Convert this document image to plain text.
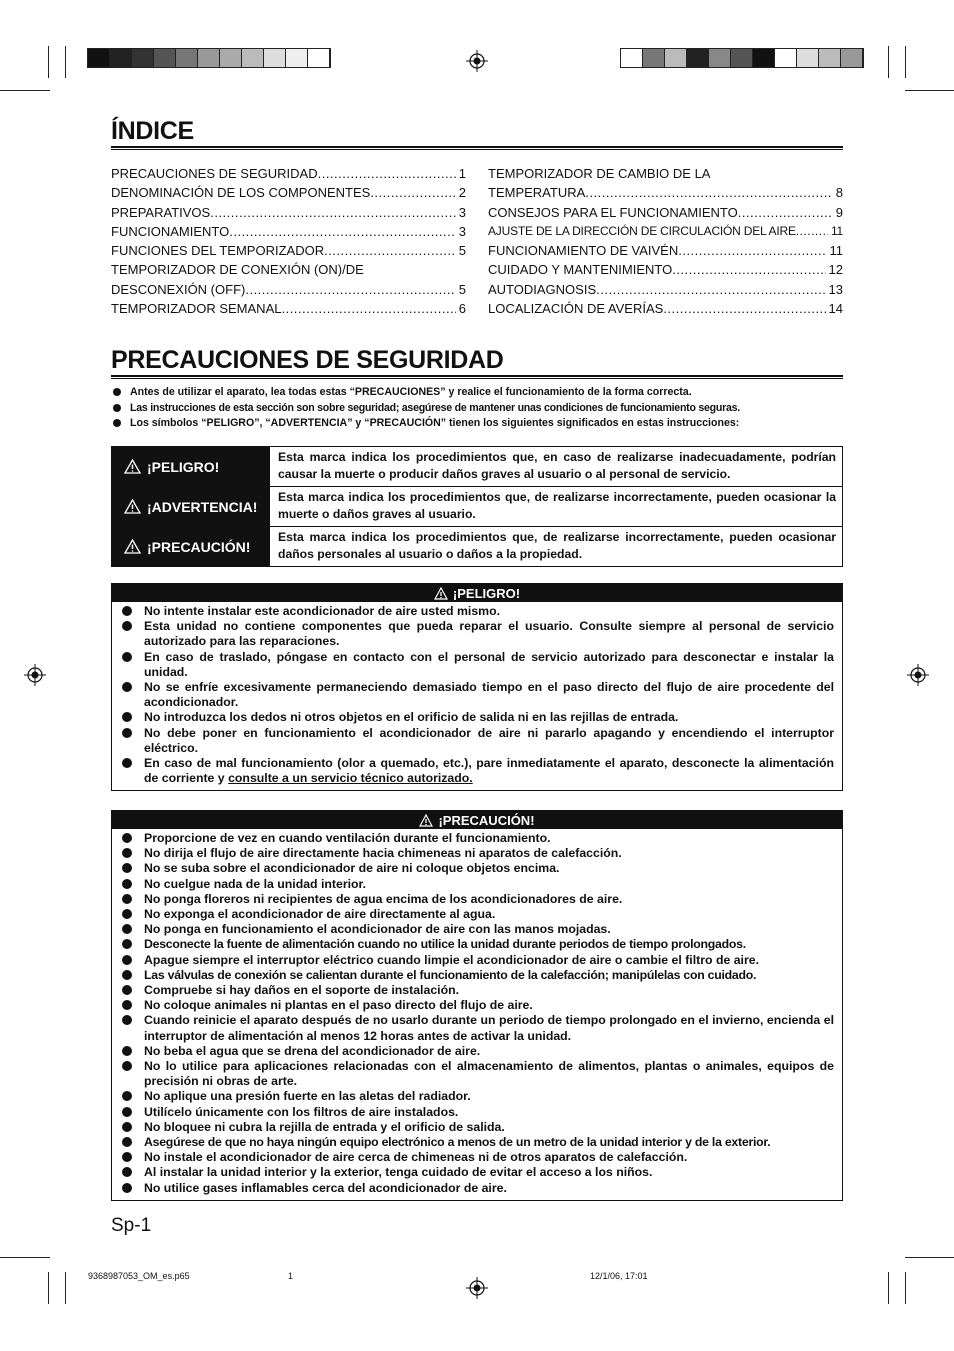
ÍNDICE
PRECAUCIONES DE SEGURIDAD .....	1
DENOMINACIÓN DE LOS COMPONENTES .....	2
PREPARATIVOS .....	3
FUNCIONAMIENTO .....	3
FUNCIONES DEL TEMPORIZADOR .....	5
TEMPORIZADOR DE CONEXIÓN (ON)/DE
DESCONEXIÓN (OFF) .....	5
TEMPORIZADOR SEMANAL .....	6
TEMPORIZADOR DE CAMBIO DE LA
TEMPERATURA .....	8
CONSEJOS PARA EL FUNCIONAMIENTO .....	9
AJUSTE DE LA DIRECCIÓN DE CIRCULACIÓN DEL AIRE .....	11
FUNCIONAMIENTO DE VAIVÉN .....	11
CUIDADO Y MANTENIMIENTO .....	12
AUTODIAGNOSIS .....	13
LOCALIZACIÓN DE AVERÍAS .....	14
PRECAUCIONES DE SEGURIDAD
Antes de utilizar el aparato, lea todas estas “PRECAUCIONES” y realice el funcionamiento de la forma correcta.
Las instrucciones de esta sección son sobre seguridad; asegúrese de mantener unas condiciones de funcionamiento seguras.
Los símbolos “PELIGRO”, “ADVERTENCIA” y “PRECAUCIÓN” tienen los siguientes significados en estas instrucciones:
¡PELIGRO!
Esta marca indica los procedimientos que, en caso de realizarse inadecuadamente, podrían causar la muerte o producir daños graves al usuario o al personal de servicio.
¡ADVERTENCIA!
Esta marca indica los procedimientos que, de realizarse incorrectamente, pueden ocasionar la muerte o daños graves al usuario.
¡PRECAUCIÓN!
Esta marca indica los procedimientos que, de realizarse incorrectamente, pueden ocasionar daños personales al usuario o daños a la propiedad.
¡PELIGRO!
No intente instalar este acondicionador de aire usted mismo.
Esta unidad no contiene componentes que pueda reparar el usuario. Consulte siempre al personal de servicio autorizado para las reparaciones.
En caso de traslado, póngase en contacto con el personal de servicio autorizado para desconectar e instalar la unidad.
No se enfríe excesivamente permaneciendo demasiado tiempo en el paso directo del flujo de aire procedente del acondicionador.
No introduzca los dedos ni otros objetos en el orificio de salida ni en las rejillas de entrada.
No debe poner en funcionamiento el acondicionador de aire ni pararlo apagando y encendiendo el interruptor eléctrico.
En caso de mal funcionamiento (olor a quemado, etc.), pare inmediatamente el aparato, desconecte la alimentación de corriente y consulte a un servicio técnico autorizado.
¡PRECAUCIÓN!
Proporcione de vez en cuando ventilación durante el funcionamiento.
No dirija el flujo de aire directamente hacia chimeneas ni aparatos de calefacción.
No se suba sobre el acondicionador de aire ni coloque objetos encima.
No cuelgue nada de la unidad interior.
No ponga floreros ni recipientes de agua encima de los acondicionadores de aire.
No exponga el acondicionador de aire directamente al agua.
No ponga en funcionamiento el acondicionador de aire con las manos mojadas.
Desconecte la fuente de alimentación cuando no utilice la unidad durante periodos de tiempo prolongados.
Apague siempre el interruptor eléctrico cuando limpie el acondicionador de aire o cambie el filtro de aire.
Las válvulas de conexión se calientan durante el funcionamiento de la calefacción; manipúlelas con cuidado.
Compruebe si hay daños en el soporte de instalación.
No coloque animales ni plantas en el paso directo del flujo de aire.
Cuando reinicie el aparato después de no usarlo durante un periodo de tiempo prolongado en el invierno, encienda el interruptor de alimentación al menos 12 horas antes de activar la unidad.
No beba el agua que se drena del acondicionador de aire.
No lo utilice para aplicaciones relacionadas con el almacenamiento de alimentos, plantas o animales, equipos de precisión ni obras de arte.
No aplique una presión fuerte en las aletas del radiador.
Utilícelo únicamente con los filtros de aire instalados.
No bloquee ni cubra la rejilla de entrada y el orificio de salida.
Asegúrese de que no haya ningún equipo electrónico a menos de un metro de la unidad interior y de la exterior.
No instale el acondicionador de aire cerca de chimeneas ni de otros aparatos de calefacción.
Al instalar la unidad interior y la exterior, tenga cuidado de evitar el acceso a los niños.
No utilice gases inflamables cerca del acondicionador de aire.
Sp-1
9368987053_OM_es.p65	1	12/1/06, 17:01
